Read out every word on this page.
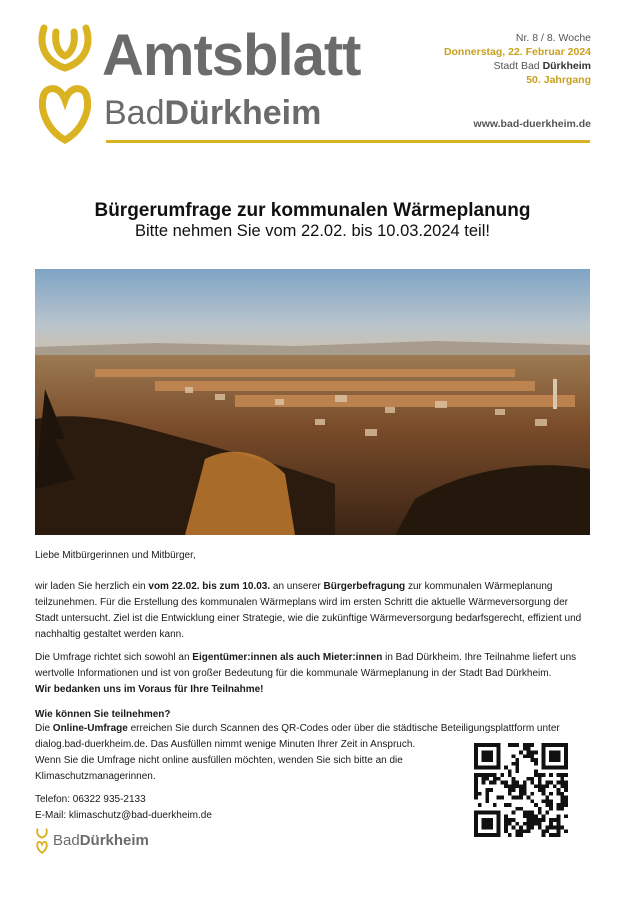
Amtsblatt
BadDürkheim
Nr. 8 / 8. Woche
Donnerstag, 22. Februar 2024
Stadt Bad Dürkheim
50. Jahrgang
www.bad-duerkheim.de
Bürgerumfrage zur kommunalen Wärmeplanung
Bitte nehmen Sie vom 22.02. bis 10.03.2024 teil!
Liebe Mitbürgerinnen und Mitbürger,
wir laden Sie herzlich ein vom 22.02. bis zum 10.03. an unserer Bürgerbefragung zur kommunalen Wärmeplanung teilzunehmen. Für die Erstellung des kommunalen Wärmeplans wird im ersten Schritt die aktuelle Wärmeversorgung der Stadt untersucht. Ziel ist die Entwicklung einer Strategie, wie die zukünftige Wärmeversorgung bedarfsgerecht, effizient und nachhaltig gestaltet werden kann.
Die Umfrage richtet sich sowohl an Eigentümer:innen als auch Mieter:innen in Bad Dürkheim. Ihre Teilnahme liefert uns wertvolle Informationen und ist von großer Bedeutung für die kommunale Wärmeplanung in der Stadt Bad Dürkheim.
Wir bedanken uns im Voraus für Ihre Teilnahme!
Wie können Sie teilnehmen?
Die Online-Umfrage erreichen Sie durch Scannen des QR-Codes oder über die städtische Beteiligungsplattform unter
dialog.bad-duerkheim.de. Das Ausfüllen nimmt wenige Minuten Ihrer Zeit in Anspruch.
Wenn Sie die Umfrage nicht online ausfüllen möchten, wenden Sie sich bitte an die
Klimaschutzmanagerinnen.
Telefon: 06322 935-2133
E-Mail: klimaschutz@bad-duerkheim.de
BadDürkheim
